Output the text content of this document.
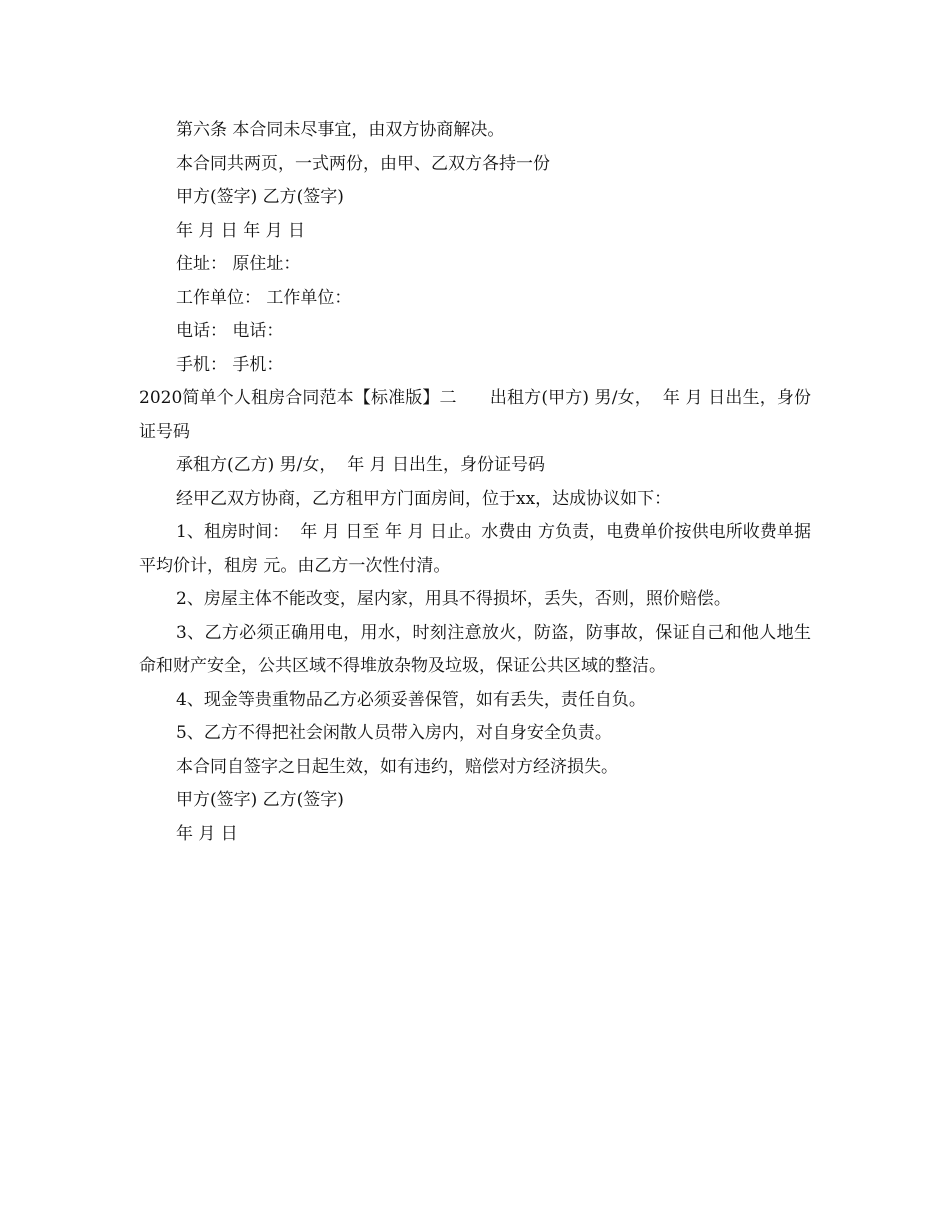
第六条 本合同未尽事宜，由双方协商解决。

本合同共两页，一式两份，由甲、乙双方各持一份

甲方(签字) 乙方(签字)

年 月 日 年 月 日

住址： 原住址：

工作单位： 工作单位：

电话： 电话：

手机： 手机：

2020简单个人租房合同范本【标准版】二      出租方(甲方) 男/女，  年 月 日出生，身份证号码

承租方(乙方) 男/女，  年 月 日出生，身份证号码

经甲乙双方协商，乙方租甲方门面房间，位于xx，达成协议如下：

1、租房时间：  年 月 日至 年 月 日止。水费由 方负责，电费单价按供电所收费单据平均价计，租房 元。由乙方一次性付清。

2、房屋主体不能改变，屋内家，用具不得损坏，丢失，否则，照价赔偿。

3、乙方必须正确用电，用水，时刻注意放火，防盗，防事故，保证自己和他人地生命和财产安全，公共区域不得堆放杂物及垃圾，保证公共区域的整洁。

4、现金等贵重物品乙方必须妥善保管，如有丢失，责任自负。

5、乙方不得把社会闲散人员带入房内，对自身安全负责。

本合同自签字之日起生效，如有违约，赔偿对方经济损失。

甲方(签字) 乙方(签字)

年 月 日
